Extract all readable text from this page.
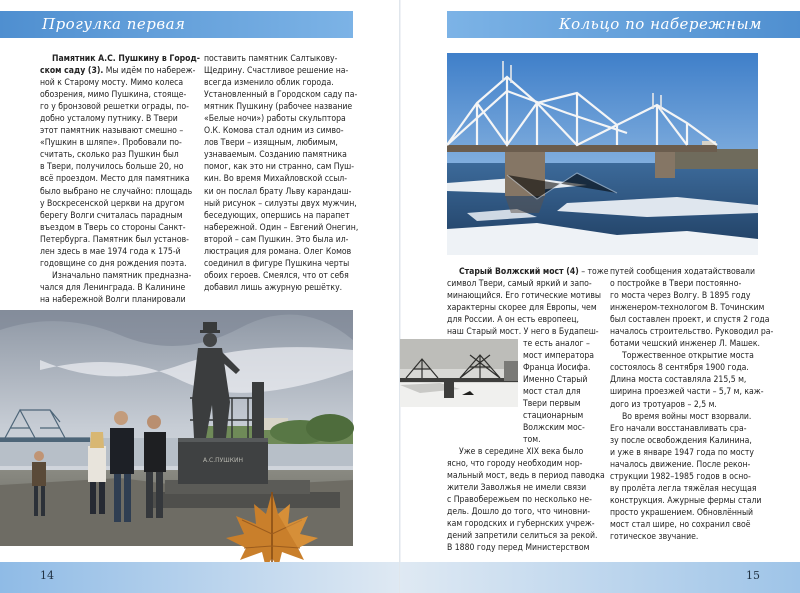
Прогулка первая
Памятник А.С. Пушкину в Город-
ском саду (3). Мы идём по набереж-
ной к Старому мосту. Мимо колеса
обозрения, мимо Пушкина, стояще-
го у бронзовой решетки ограды, по-
добно усталому путнику. В Твери
этот памятник называют смешно –
«Пушкин в шляпе». Пробовали по-
считать, сколько раз Пушкин был
в Твери, получилось больше 20, но
всё проездом. Место для памятника
было выбрано не случайно: площадь
у Воскресенской церкви на другом
берегу Волги считалась парадным
въездом в Тверь со стороны Санкт-
Петербурга. Памятник был установ-
лен здесь в мае 1974 года к 175-й
годовщине со дня рождения поэта.
Изначально памятник предназна-
чался для Ленинграда. В Калинине
на набережной Волги планировали
поставить памятник Салтыкову-
Щедрину. Счастливое решение на-
всегда изменило облик города.
Установленный в Городском саду па-
мятник Пушкину (рабочее название
«Белые ночи») работы скульптора
О.К. Комова стал одним из симво-
лов Твери – изящным, любимым,
узнаваемым. Созданию памятника
помог, как это ни странно, сам Пуш-
кин. Во время Михайловской ссыл-
ки он послал брату Льву карандаш-
ный рисунок – силуэты двух мужчин,
беседующих, опершись на парапет
набережной. Один – Евгений Онегин,
второй – сам Пушкин. Это была ил-
люстрация для романа. Олег Комов
соединил в фигуре Пушкина черты
обоих героев. Смеялся, что от себя
добавил лишь ажурную решётку.
А.С.ПУШКИН
14
Кольцо по набережным
Старый Волжский мост (4) – тоже
символ Твери, самый яркий и запо-
минающийся. Его готические мотивы
характерны скорее для Европы, чем
для России. А он есть европеец,
наш Старый мост. У него в Будапеш-
те есть аналог –
мост императора
Франца Иосифа.
Именно Старый
мост стал для
Твери первым
стационарным
Волжским мос-
том.
Уже в середине XIX века было
ясно, что городу необходим нор-
мальный мост, ведь в период паводка
жители Заволжья не имели связи
с Правобережьем по несколько не-
дель. Дошло до того, что чиновни-
кам городских и губернских учреж-
дений запретили селиться за рекой.
В 1880 году перед Министерством
путей сообщения ходатайствовали
о постройке в Твери постоянно-
го моста через Волгу. В 1895 году
инженером-технологом В. Точинским
был составлен проект, и спустя 2 года
началось строительство. Руководил ра-
ботами чешский инженер Л. Машек.
Торжественное открытие моста
состоялось 8 сентября 1900 года.
Длина моста составляла 215,5 м,
ширина проезжей части – 5,7 м, каж-
дого из тротуаров – 2,5 м.
Во время войны мост взорвали.
Его начали восстанавливать сра-
зу после освобождения Калинина,
и уже в январе 1947 года по мосту
началось движение. После рекон-
струкции 1982–1985 годов в осно-
ву пролёта легла тяжёлая несущая
конструкция. Ажурные фермы стали
просто украшением. Обновлённый
мост стал шире, но сохранил своё
готическое звучание.
15
